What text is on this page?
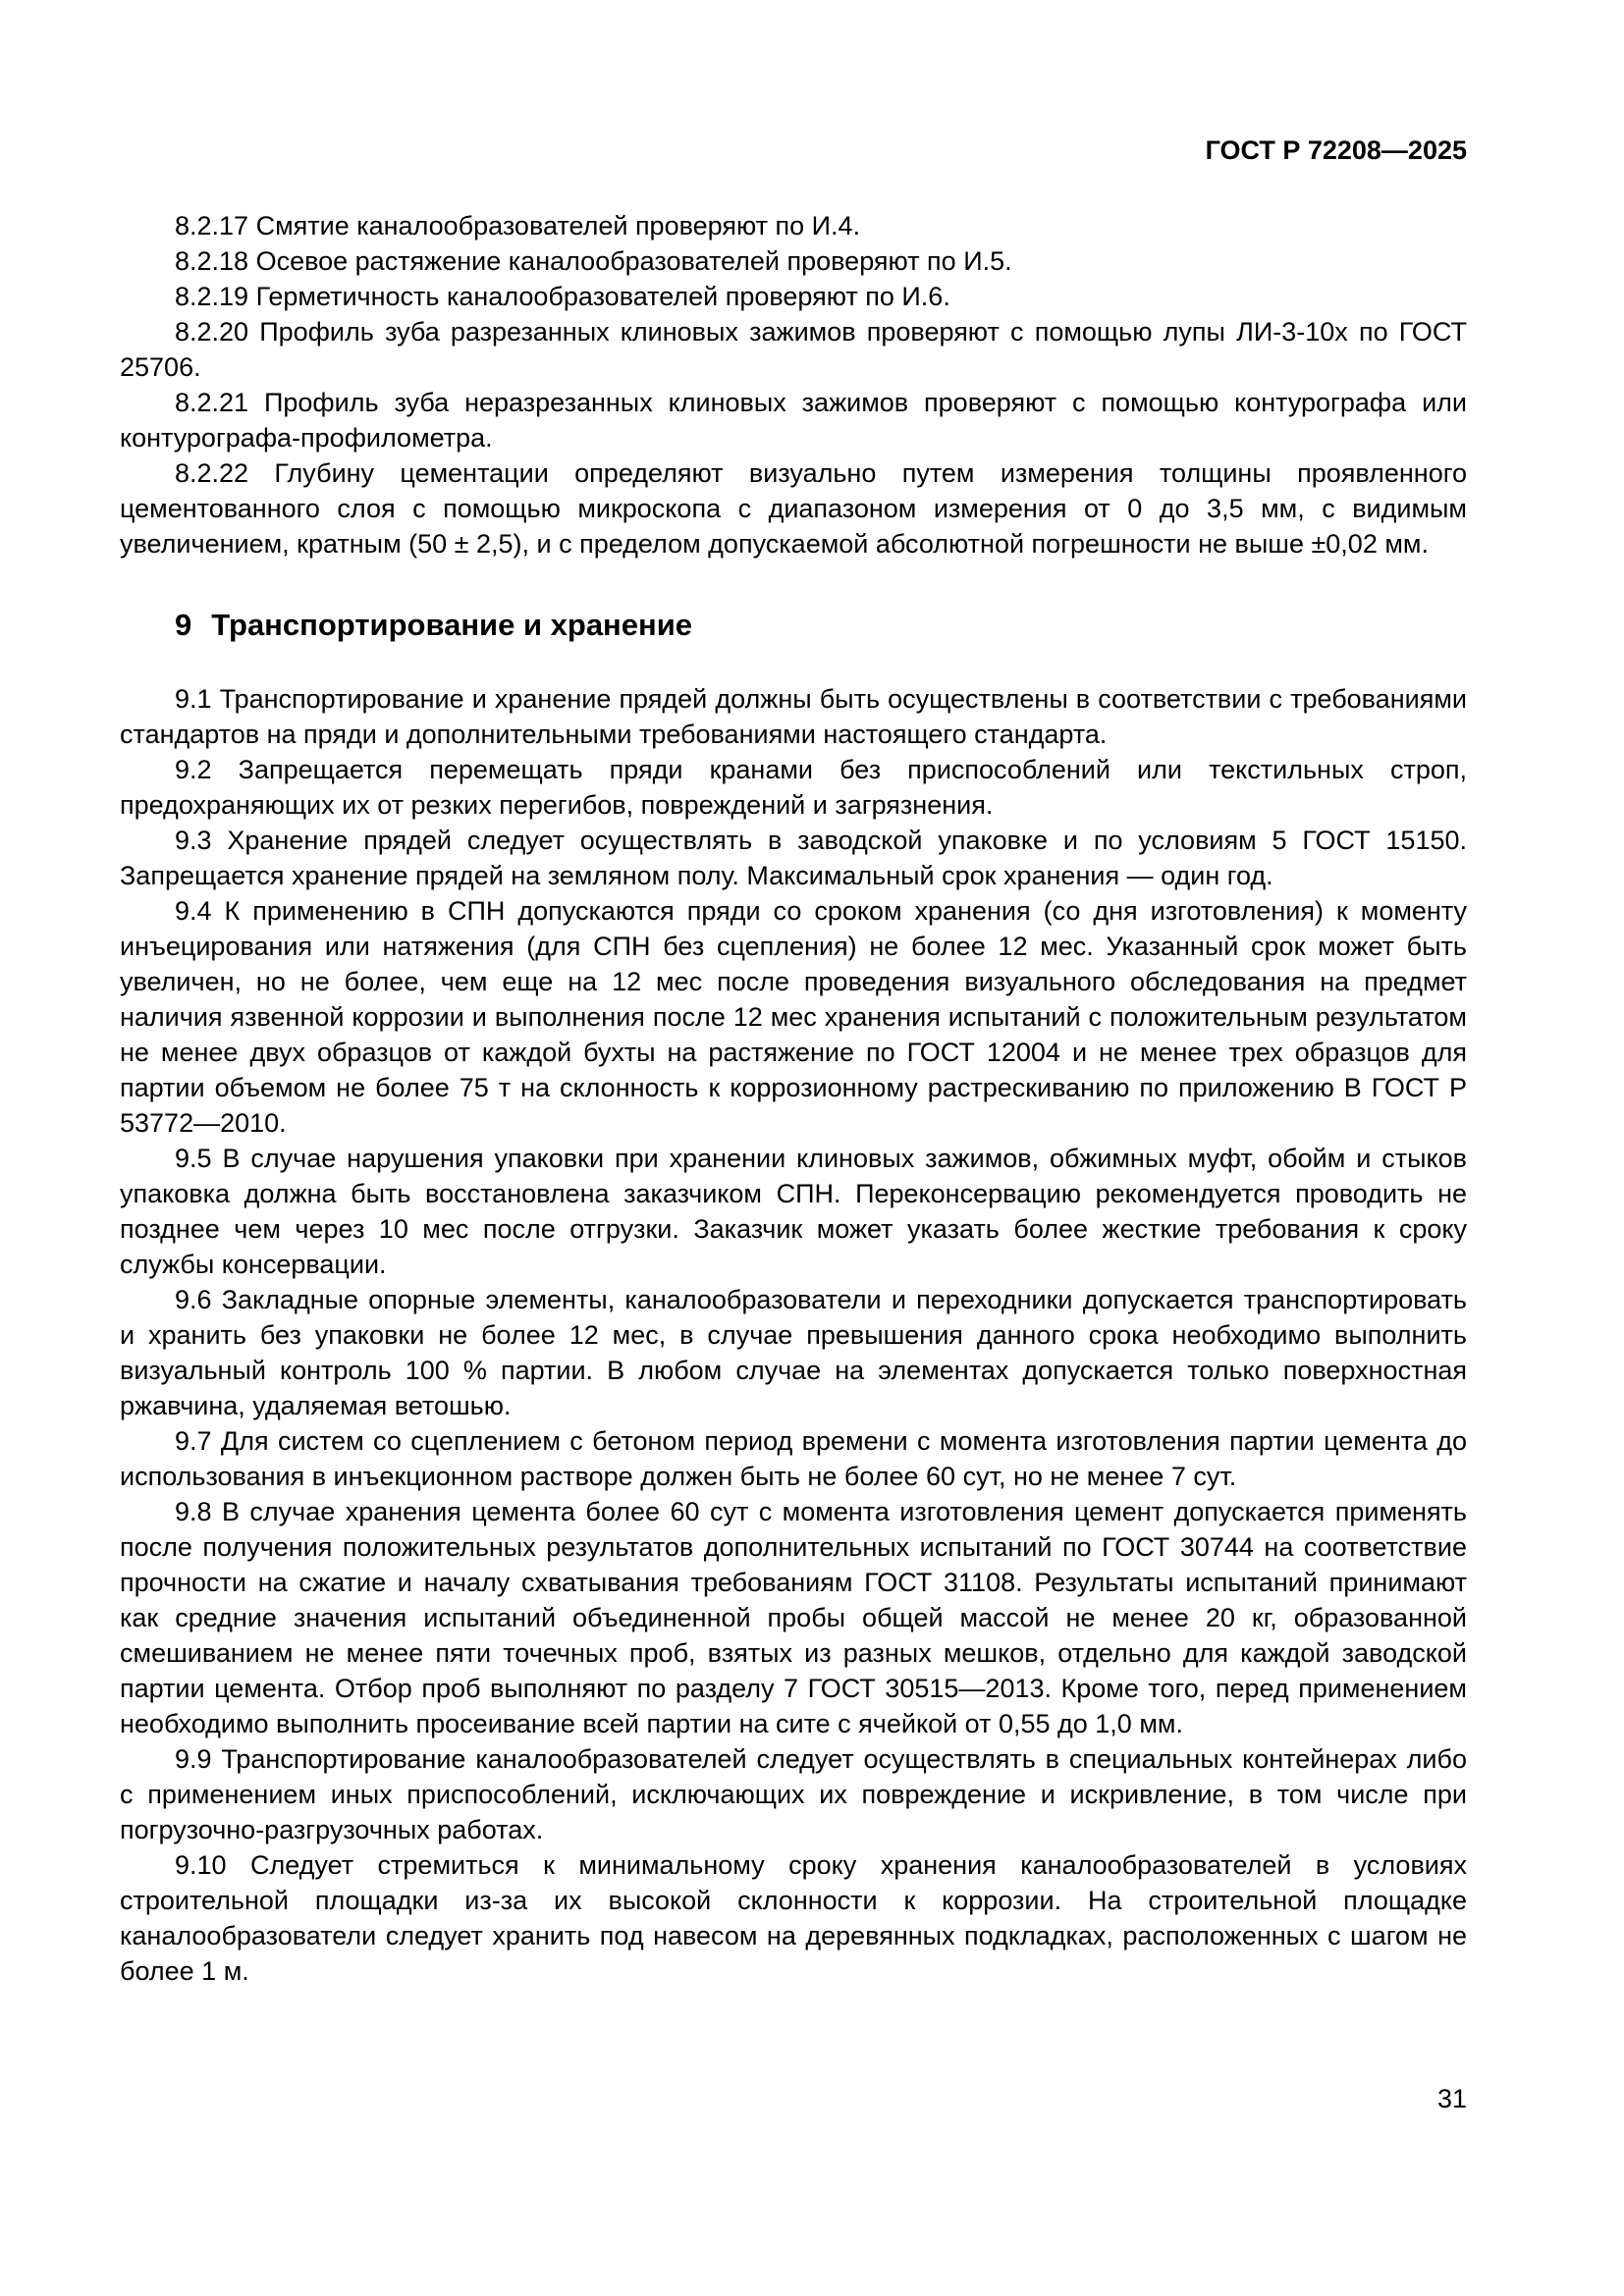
ГОСТ Р 72208—2025

8.2.17 Смятие каналообразователей проверяют по И.4.

8.2.18 Осевое растяжение каналообразователей проверяют по И.5.

8.2.19 Герметичность каналообразователей проверяют по И.6.

8.2.20 Профиль зуба разрезанных клиновых зажимов проверяют с помощью лупы ЛИ-3-10х по ГОСТ 25706.

8.2.21 Профиль зуба неразрезанных клиновых зажимов проверяют с помощью контурографа или контурографа-профилометра.

8.2.22 Глубину цементации определяют визуально путем измерения толщины проявленного цементованного слоя с помощью микроскопа с диапазоном измерения от 0 до 3,5 мм, с видимым увеличением, кратным (50 ± 2,5), и с пределом допускаемой абсолютной погрешности не выше ±0,02 мм.

9 Транспортирование и хранение

9.1 Транспортирование и хранение прядей должны быть осуществлены в соответствии с требованиями стандартов на пряди и дополнительными требованиями настоящего стандарта.

9.2 Запрещается перемещать пряди кранами без приспособлений или текстильных строп, предохраняющих их от резких перегибов, повреждений и загрязнения.

9.3 Хранение прядей следует осуществлять в заводской упаковке и по условиям 5 ГОСТ 15150. Запрещается хранение прядей на земляном полу. Максимальный срок хранения — один год.

9.4 К применению в СПН допускаются пряди со сроком хранения (со дня изготовления) к моменту инъецирования или натяжения (для СПН без сцепления) не более 12 мес. Указанный срок может быть увеличен, но не более, чем еще на 12 мес после проведения визуального обследования на предмет наличия язвенной коррозии и выполнения после 12 мес хранения испытаний с положительным результатом не менее двух образцов от каждой бухты на растяжение по ГОСТ 12004 и не менее трех образцов для партии объемом не более 75 т на склонность к коррозионному растрескиванию по приложению В ГОСТ Р 53772—2010.

9.5 В случае нарушения упаковки при хранении клиновых зажимов, обжимных муфт, обойм и стыков упаковка должна быть восстановлена заказчиком СПН. Переконсервацию рекомендуется проводить не позднее чем через 10 мес после отгрузки. Заказчик может указать более жесткие требования к сроку службы консервации.

9.6 Закладные опорные элементы, каналообразователи и переходники допускается транспортировать и хранить без упаковки не более 12 мес, в случае превышения данного срока необходимо выполнить визуальный контроль 100 % партии. В любом случае на элементах допускается только поверхностная ржавчина, удаляемая ветошью.

9.7 Для систем со сцеплением с бетоном период времени с момента изготовления партии цемента до использования в инъекционном растворе должен быть не более 60 сут, но не менее 7 сут.

9.8 В случае хранения цемента более 60 сут с момента изготовления цемент допускается применять после получения положительных результатов дополнительных испытаний по ГОСТ 30744 на соответствие прочности на сжатие и началу схватывания требованиям ГОСТ 31108. Результаты испытаний принимают как средние значения испытаний объединенной пробы общей массой не менее 20 кг, образованной смешиванием не менее пяти точечных проб, взятых из разных мешков, отдельно для каждой заводской партии цемента. Отбор проб выполняют по разделу 7 ГОСТ 30515—2013. Кроме того, перед применением необходимо выполнить просеивание всей партии на сите с ячейкой от 0,55 до 1,0 мм.

9.9 Транспортирование каналообразователей следует осуществлять в специальных контейнерах либо с применением иных приспособлений, исключающих их повреждение и искривление, в том числе при погрузочно-разгрузочных работах.

9.10 Следует стремиться к минимальному сроку хранения каналообразователей в условиях строительной площадки из-за их высокой склонности к коррозии. На строительной площадке каналообразователи следует хранить под навесом на деревянных подкладках, расположенных с шагом не более 1 м.

31
